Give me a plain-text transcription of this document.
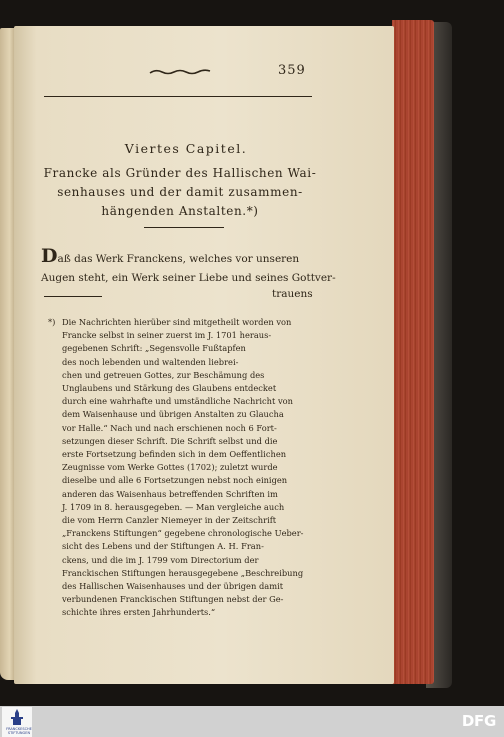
359
Viertes Capitel.
Francke als Gründer des Hallischen Wai-
senhauses und der damit zusammen-
hängenden Anstalten.*)
Daß das Werk Franckens, welches vor unseren
Augen steht, ein Werk seiner Liebe und seines Gottver-
trauens
*) Die Nachrichten hierüber sind mitgetheilt worden von
Francke selbst in seiner zuerst im J. 1701 heraus-
gegebenen Schrift: „Segensvolle Fußtapfen
des noch lebenden und waltenden liebrei-
chen und getreuen Gottes, zur Beschämung des
Unglaubens und Stärkung des Glaubens entdecket
durch eine wahrhafte und umständliche Nachricht von
dem Waisenhause und übrigen Anstalten zu Glaucha
vor Halle.“ Nach und nach erschienen noch 6 Fort-
setzungen dieser Schrift. Die Schrift selbst und die
erste Fortsetzung befinden sich in dem Oeffentlichen
Zeugnisse vom Werke Gottes (1702); zuletzt wurde
dieselbe und alle 6 Fortsetzungen nebst noch einigen
anderen das Waisenhaus betreffenden Schriften im
J. 1709 in 8. herausgegeben. — Man vergleiche auch
die vom Herrn Canzler Niemeyer in der Zeitschrift
„Franckens Stiftungen“ gegebene chronologische Ueber-
sicht des Lebens und der Stiftungen A. H. Fran-
ckens, und die im J. 1799 vom Directorium der
Franckischen Stiftungen herausgegebene „Beschreibung
des Hallischen Waisenhauses und der übrigen damit
verbundenen Franckischen Stiftungen nebst der Ge-
schichte ihres ersten Jahrhunderts.“
FRANCKESCHE
STIFTUNGEN
DFG
